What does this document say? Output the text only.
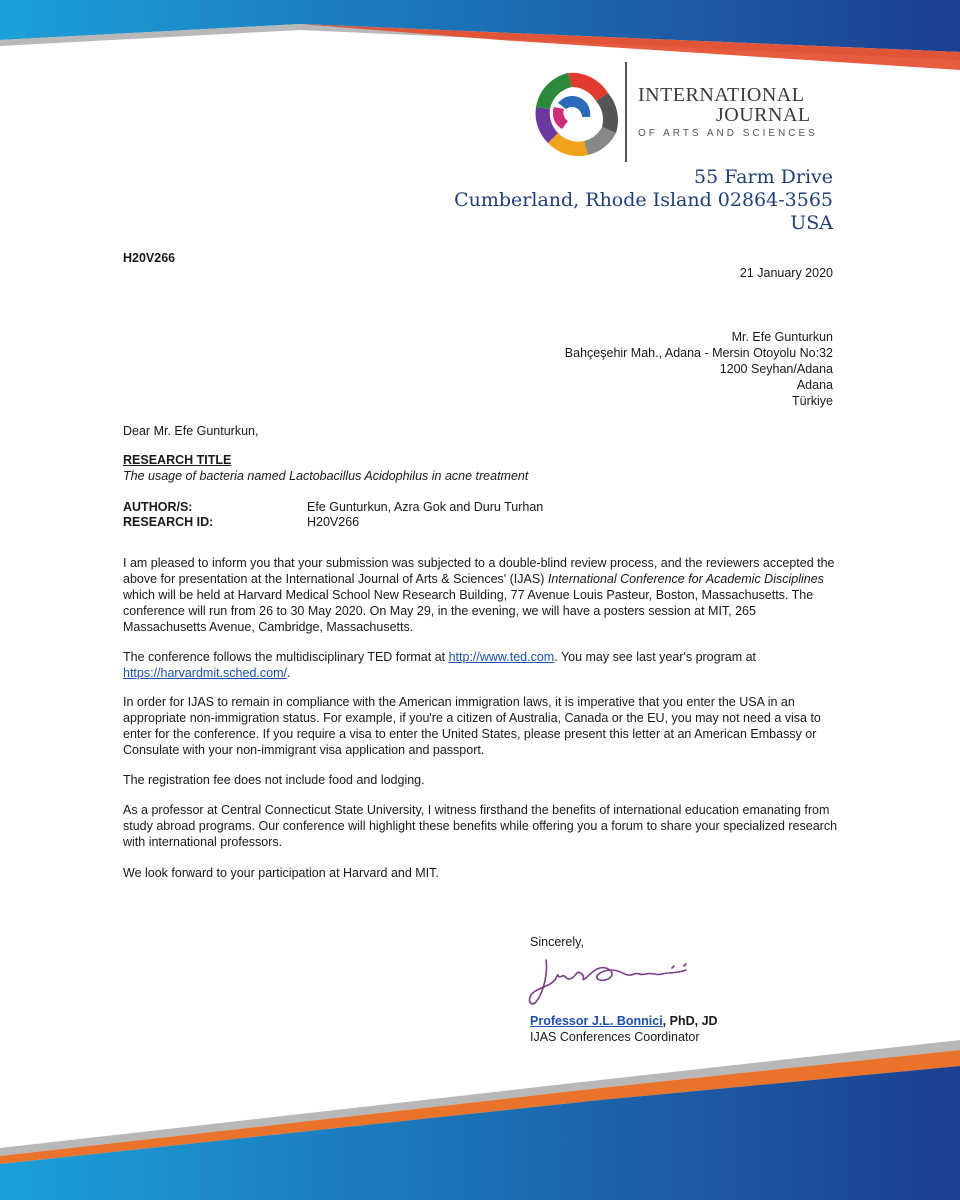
INTERNATIONAL
JOURNAL
OF ARTS AND SCIENCES
55 Farm Drive
Cumberland, Rhode Island 02864-3565
USA
H20V266
21 January 2020
Mr. Efe Gunturkun
Bahçeşehir Mah., Adana - Mersin Otoyolu No:32
1200 Seyhan/Adana
Adana
Türkiye
Dear Mr. Efe Gunturkun,
RESEARCH TITLE
The usage of bacteria named Lactobacillus Acidophilus in acne treatment
AUTHOR/S:	Efe Gunturkun, Azra Gok and Duru Turhan
RESEARCH ID:	H20V266
I am pleased to inform you that your submission was subjected to a double-blind review process, and the reviewers accepted the above for presentation at the International Journal of Arts & Sciences' (IJAS) International Conference for Academic Disciplines which will be held at Harvard Medical School New Research Building, 77 Avenue Louis Pasteur, Boston, Massachusetts. The conference will run from 26 to 30 May 2020. On May 29, in the evening, we will have a posters session at MIT, 265 Massachusetts Avenue, Cambridge, Massachusetts.
The conference follows the multidisciplinary TED format at http://www.ted.com. You may see last year's program at https://harvardmit.sched.com/.
In order for IJAS to remain in compliance with the American immigration laws, it is imperative that you enter the USA in an appropriate non-immigration status. For example, if you're a citizen of Australia, Canada or the EU, you may not need a visa to enter for the conference. If you require a visa to enter the United States, please present this letter at an American Embassy or Consulate with your non-immigrant visa application and passport.
The registration fee does not include food and lodging.
As a professor at Central Connecticut State University, I witness firsthand the benefits of international education emanating from study abroad programs. Our conference will highlight these benefits while offering you a forum to share your specialized research with international professors.
We look forward to your participation at Harvard and MIT.
Sincerely,
Professor J.L. Bonnici, PhD, JD
IJAS Conferences Coordinator
